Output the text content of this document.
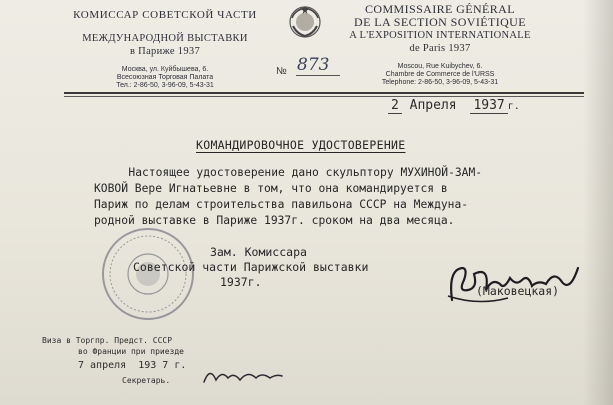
КОМИССАР СОВЕТСКОЙ ЧАСТИ
МЕЖДУНАРОДНОЙ ВЫСТАВКИ
в Париже 1937
Москва, ул. Куйбышева, 6.
Всесоюзная Торговая Палата
Тел.: 2-86-50, 3-96-09, 5-43-31
COMMISSAIRE GÉNÉRAL
DE LA SECTION SOVIÉTIQUE
A L'EXPOSITION INTERNATIONALE
de Paris 1937
Moscou, Rue Kuibychev, 6.
Chambre de Commerce de l'URSS
Telephone: 2-86-50, 3-96-09, 5-43-31
№ 873
2 Апреля 1937 г.
КОМАНДИРОВОЧНОЕ УДОСТОВЕРЕНИЕ
Настоящее удостоверение дано скульптору МУХИНОЙ-ЗАМ-
КОВОЙ Вере Игнатьевне в том, что она командируется в
Париж по делам строительства павильона СССР на Междуна-
родной выставке в Париже 1937г. сроком на два месяца.
Зам. Комиссара
Советской части Парижской выставки
1937г.
(Маковецкая)
Виза в Торгпр. Предст. СССР
во Франции при приезде
7 апреля  193 7 г.
Секретарь.
